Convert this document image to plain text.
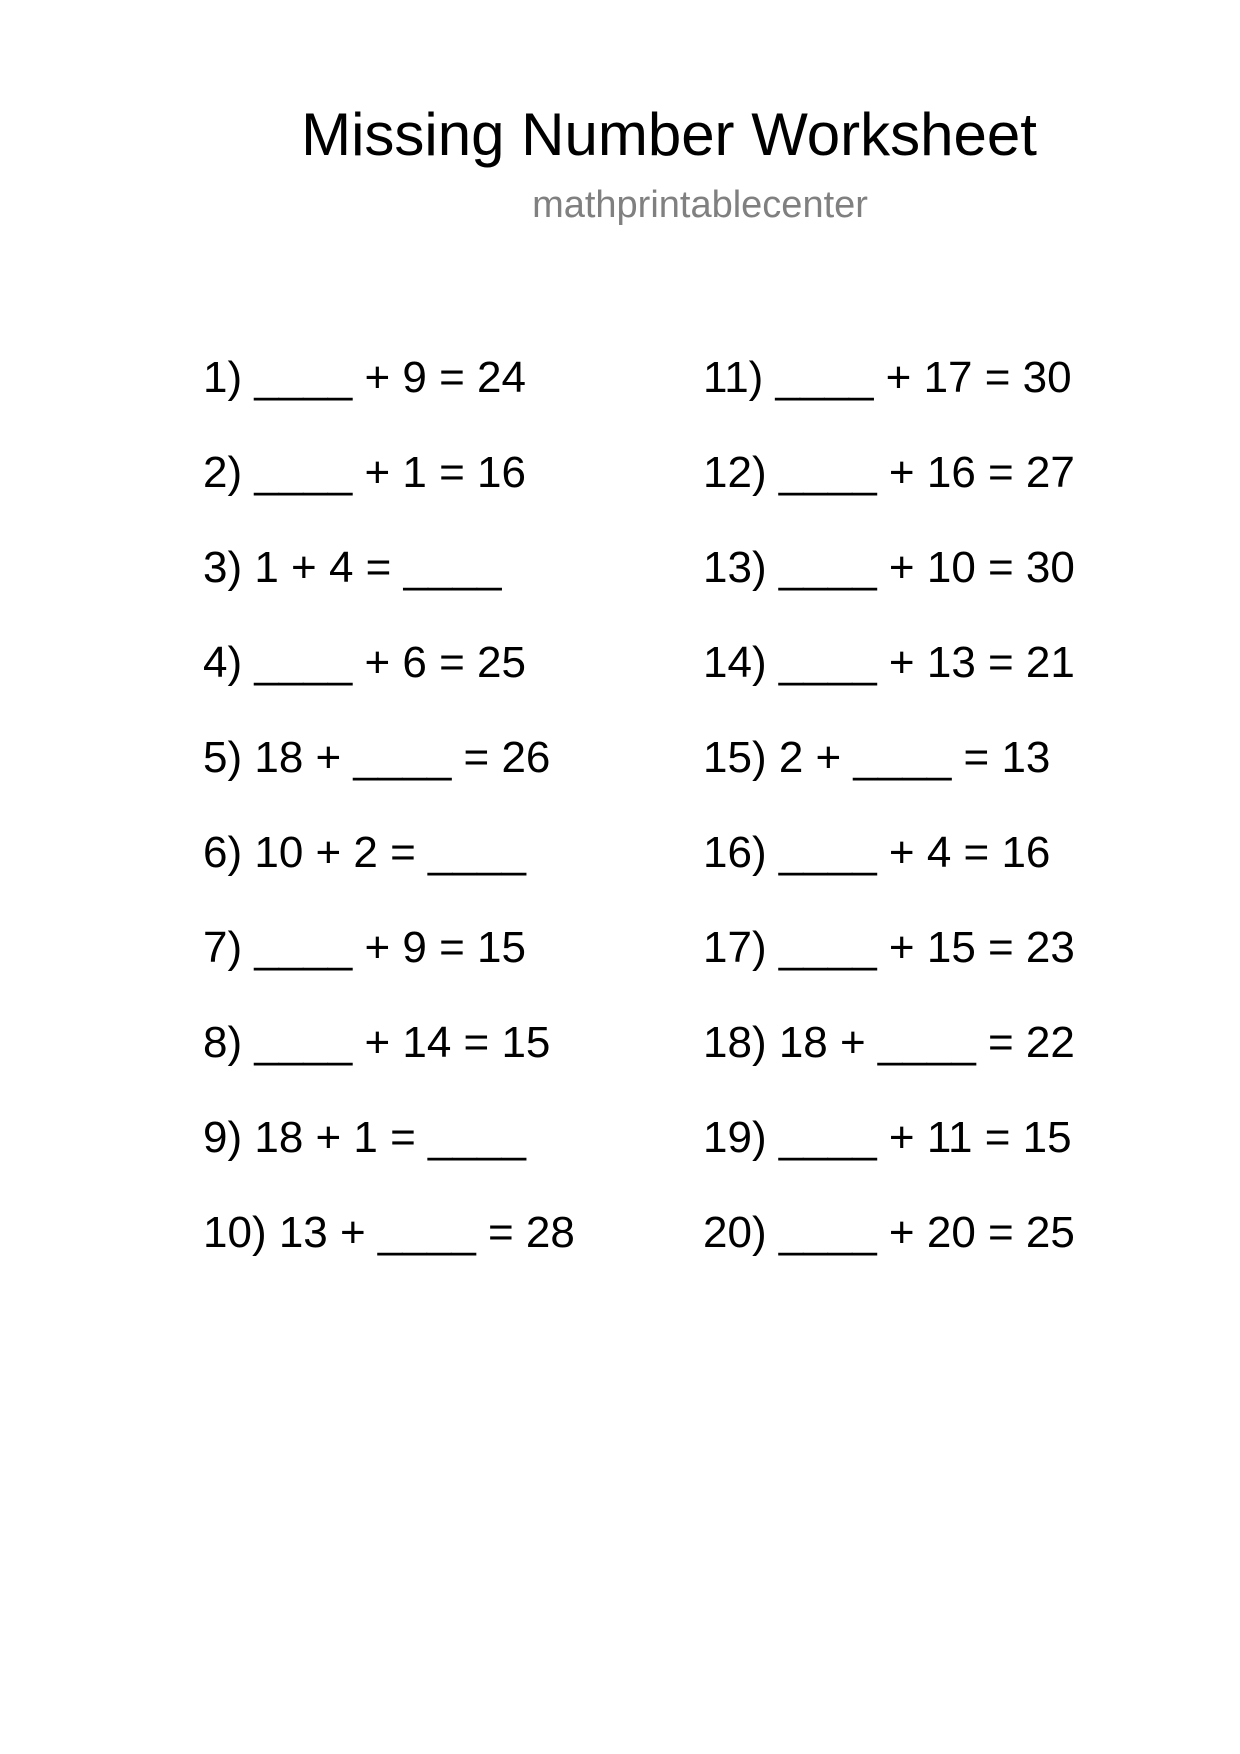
Missing Number Worksheet
mathprintablecenter
1) ____ + 9 = 24
2) ____ + 1 = 16
3) 1 + 4 = ____
4) ____ + 6 = 25
5) 18 + ____ = 26
6) 10 + 2 = ____
7) ____ + 9 = 15
8) ____ + 14 = 15
9) 18 + 1 = ____
10) 13 + ____ = 28
11) ____ + 17 = 30
12) ____ + 16 = 27
13) ____ + 10 = 30
14) ____ + 13 = 21
15) 2 + ____ = 13
16) ____ + 4 = 16
17) ____ + 15 = 23
18) 18 + ____ = 22
19) ____ + 11 = 15
20) ____ + 20 = 25
